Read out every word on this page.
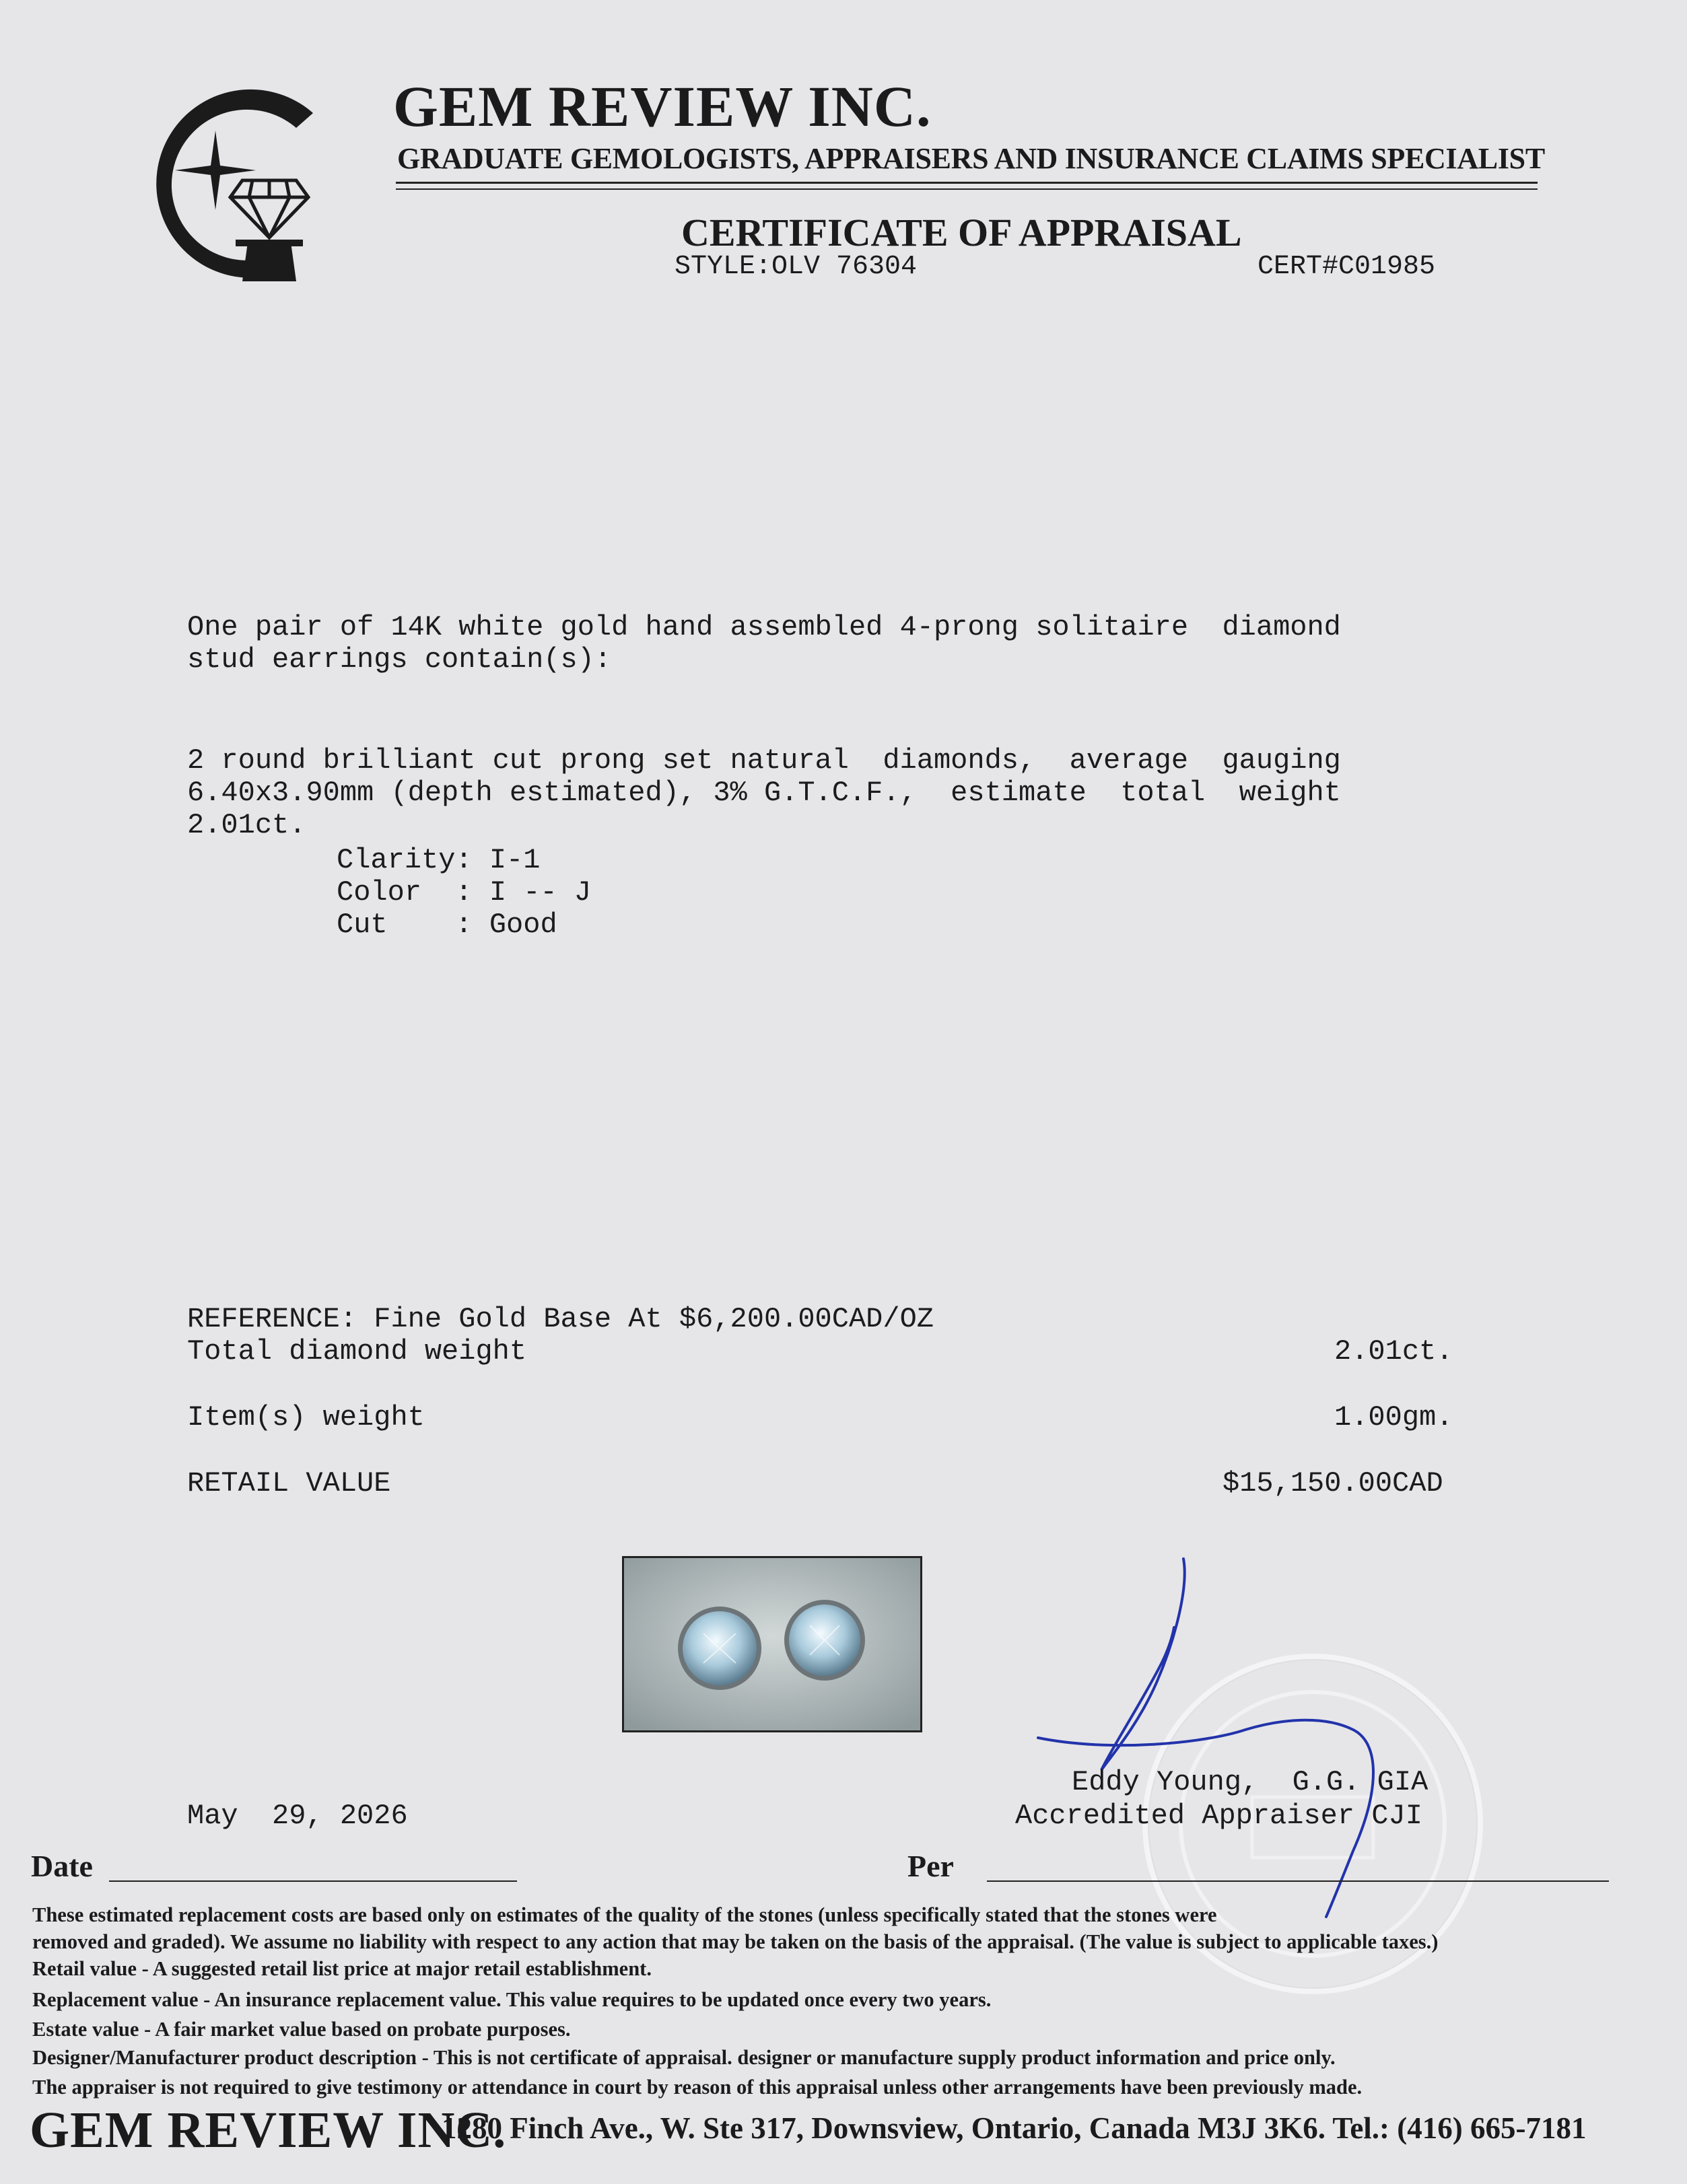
GEM REVIEW INC.
GRADUATE GEMOLOGISTS, APPRAISERS AND INSURANCE CLAIMS SPECIALIST
CERTIFICATE OF APPRAISAL
STYLE:OLV 76304	CERT#C01985
One pair of 14K white gold hand assembled 4-prong solitaire  diamond
stud earrings contain(s):
2 round brilliant cut prong set natural  diamonds,  average  gauging
6.40x3.90mm (depth estimated), 3% G.T.C.F.,  estimate  total  weight
2.01ct.
Clarity: I-1
Color  : I -- J
Cut    : Good
REFERENCE: Fine Gold Base At $6,200.00CAD/OZ
Total diamond weight	2.01ct.
Item(s) weight	1.00gm.
RETAIL VALUE	$15,150.00CAD
Eddy Young,  G.G. GIA
Accredited Appraiser CJI
May  29, 2026
Date	Per
These estimated replacement costs are based only on estimates of the quality of the stones (unless specifically stated that the stones were
removed and graded). We assume no liability with respect to any action that may be taken on the basis of the appraisal. (The value is subject to applicable taxes.)
Retail value - A suggested retail list price at major retail establishment.
Replacement value - An insurance replacement value. This value requires to be updated once every two years.
Estate value - A fair market value based on probate purposes.
Designer/Manufacturer product description - This is not certificate of appraisal. designer or manufacture supply product information and price only.
The appraiser is not required to give testimony or attendance in court by reason of this appraisal unless other arrangements have been previously made.
GEM REVIEW INC.
1280 Finch Ave., W. Ste 317, Downsview, Ontario, Canada M3J 3K6. Tel.: (416) 665-7181
